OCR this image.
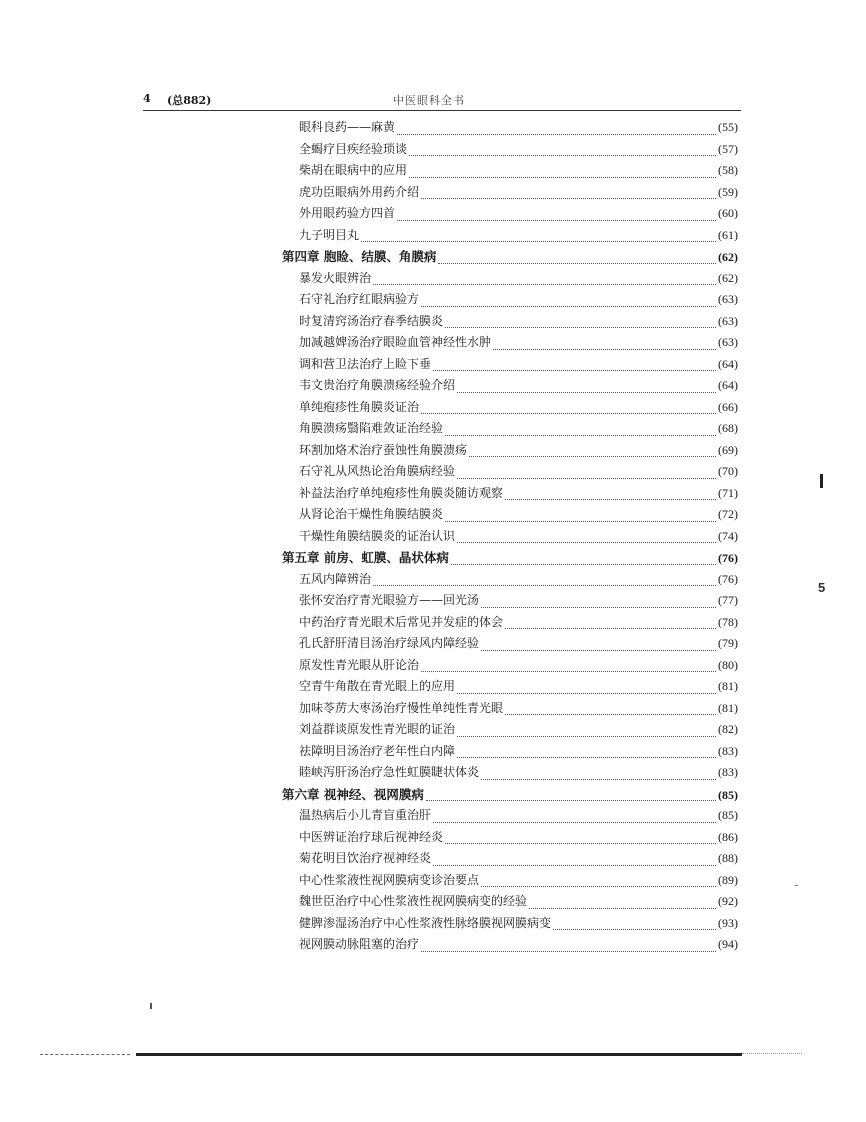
4 (总882)	中医眼科全书
眼科良药——麻黄	(55)
全蝎疗目疾经验琐谈	(57)
柴胡在眼病中的应用	(58)
虎功臣眼病外用药介绍	(59)
外用眼药验方四首	(60)
九子明目丸	(61)
第四章 胞睑、结膜、角膜病	(62)
暴发火眼辨治	(62)
石守礼治疗红眼病验方	(63)
时复清窍汤治疗春季结膜炎	(63)
加减越婢汤治疗眼睑血管神经性水肿	(63)
调和营卫法治疗上睑下垂	(64)
韦文贵治疗角膜溃疡经验介绍	(64)
单纯疱疹性角膜炎证治	(66)
角膜溃疡翳陷难敛证治经验	(68)
环割加烙术治疗蚕蚀性角膜溃疡	(69)
石守礼从风热论治角膜病经验	(70)
补益法治疗单纯疱疹性角膜炎随访观察	(71)
从肾论治干燥性角膜结膜炎	(72)
干燥性角膜结膜炎的证治认识	(74)
第五章 前房、虹膜、晶状体病	(76)
五风内障辨治	(76)
张怀安治疗青光眼验方——回光汤	(77)
中药治疗青光眼术后常见并发症的体会	(78)
孔氏舒肝清目汤治疗绿风内障经验	(79)
原发性青光眼从肝论治	(80)
空青牛角散在青光眼上的应用	(81)
加味苓苈大枣汤治疗慢性单纯性青光眼	(81)
刘益群谈原发性青光眼的证治	(82)
祛障明目汤治疗老年性白内障	(83)
睦峡泻肝汤治疗急性虹膜睫状体炎	(83)
第六章 视神经、视网膜病	(85)
温热病后小儿青盲重治肝	(85)
中医辨证治疗球后视神经炎	(86)
菊花明目饮治疗视神经炎	(88)
中心性浆液性视网膜病变诊治要点	(89)
魏世臣治疗中心性浆液性视网膜病变的经验	(92)
健脾渗湿汤治疗中心性浆液性脉络膜视网膜病变	(93)
视网膜动脉阻塞的治疗	(94)
5
